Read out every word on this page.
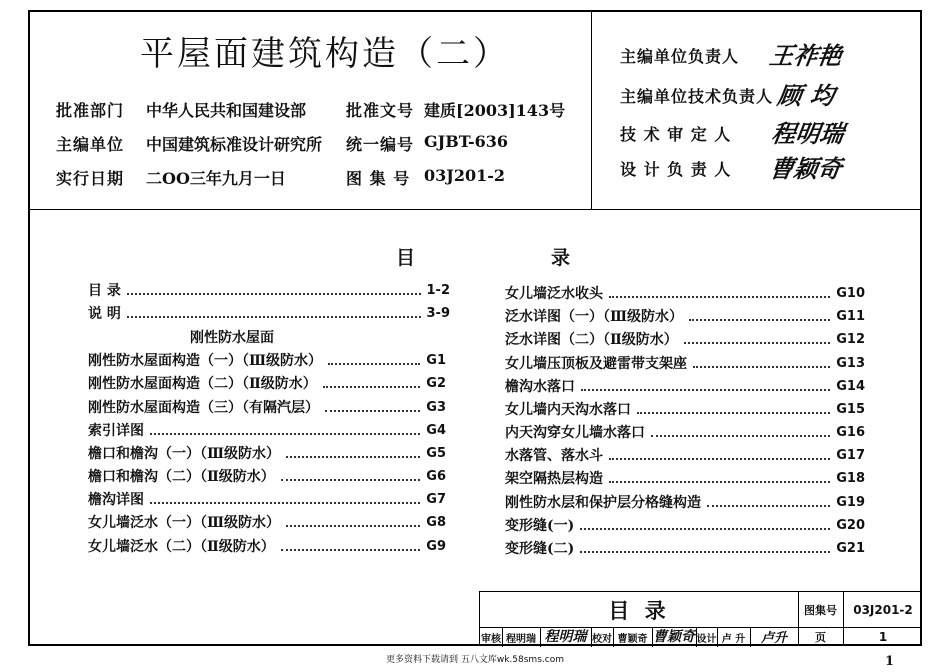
平屋面建筑构造（二）
批准部门 中华人民共和国建设部 批准文号 建质[2003]143号
主编单位 中国建筑标准设计研究所 统一编号 GJBT-636
实行日期 二OO三年九月一日	图 集 号 03J201-2
主编单位负责人 王祚艳
主编单位技术负责人 顾 均
技 术 审 定 人 程明瑞
设 计 负 责 人 曹颖奇
目	录
刚性防水屋面
目 录	1-2
说 明	3-9
刚性防水屋面构造（一）（Ⅲ级防水）	G1
刚性防水屋面构造（二）（Ⅱ级防水）	G2
刚性防水屋面构造（三）（有隔汽层）	G3
索引详图	G4
檐口和檐沟（一）（Ⅲ级防水）	G5
檐口和檐沟（二）（Ⅱ级防水）	G6
檐沟详图	G7
女儿墙泛水（一）（Ⅲ级防水）	G8
女儿墙泛水（二）（Ⅱ级防水）	G9
女儿墙泛水收头	G10
泛水详图（一）（Ⅲ级防水）	G11
泛水详图（二）（Ⅱ级防水）	G12
女儿墙压顶板及避雷带支架座	G13
檐沟水落口	G14
女儿墙内天沟水落口	G15
内天沟穿女儿墙水落口	G16
水落管、落水斗	G17
架空隔热层构造	G18
刚性防水层和保护层分格缝构造	G19
变形缝(一)	G20
变形缝(二)	G21
目 录	图集号	03J201-2
审核 程明瑞 程明瑞 校对 曹颖奇 曹颖奇 设计 卢 升	卢升	页	1
更多资料下载请到 五八文库wk.58sms.com	1
